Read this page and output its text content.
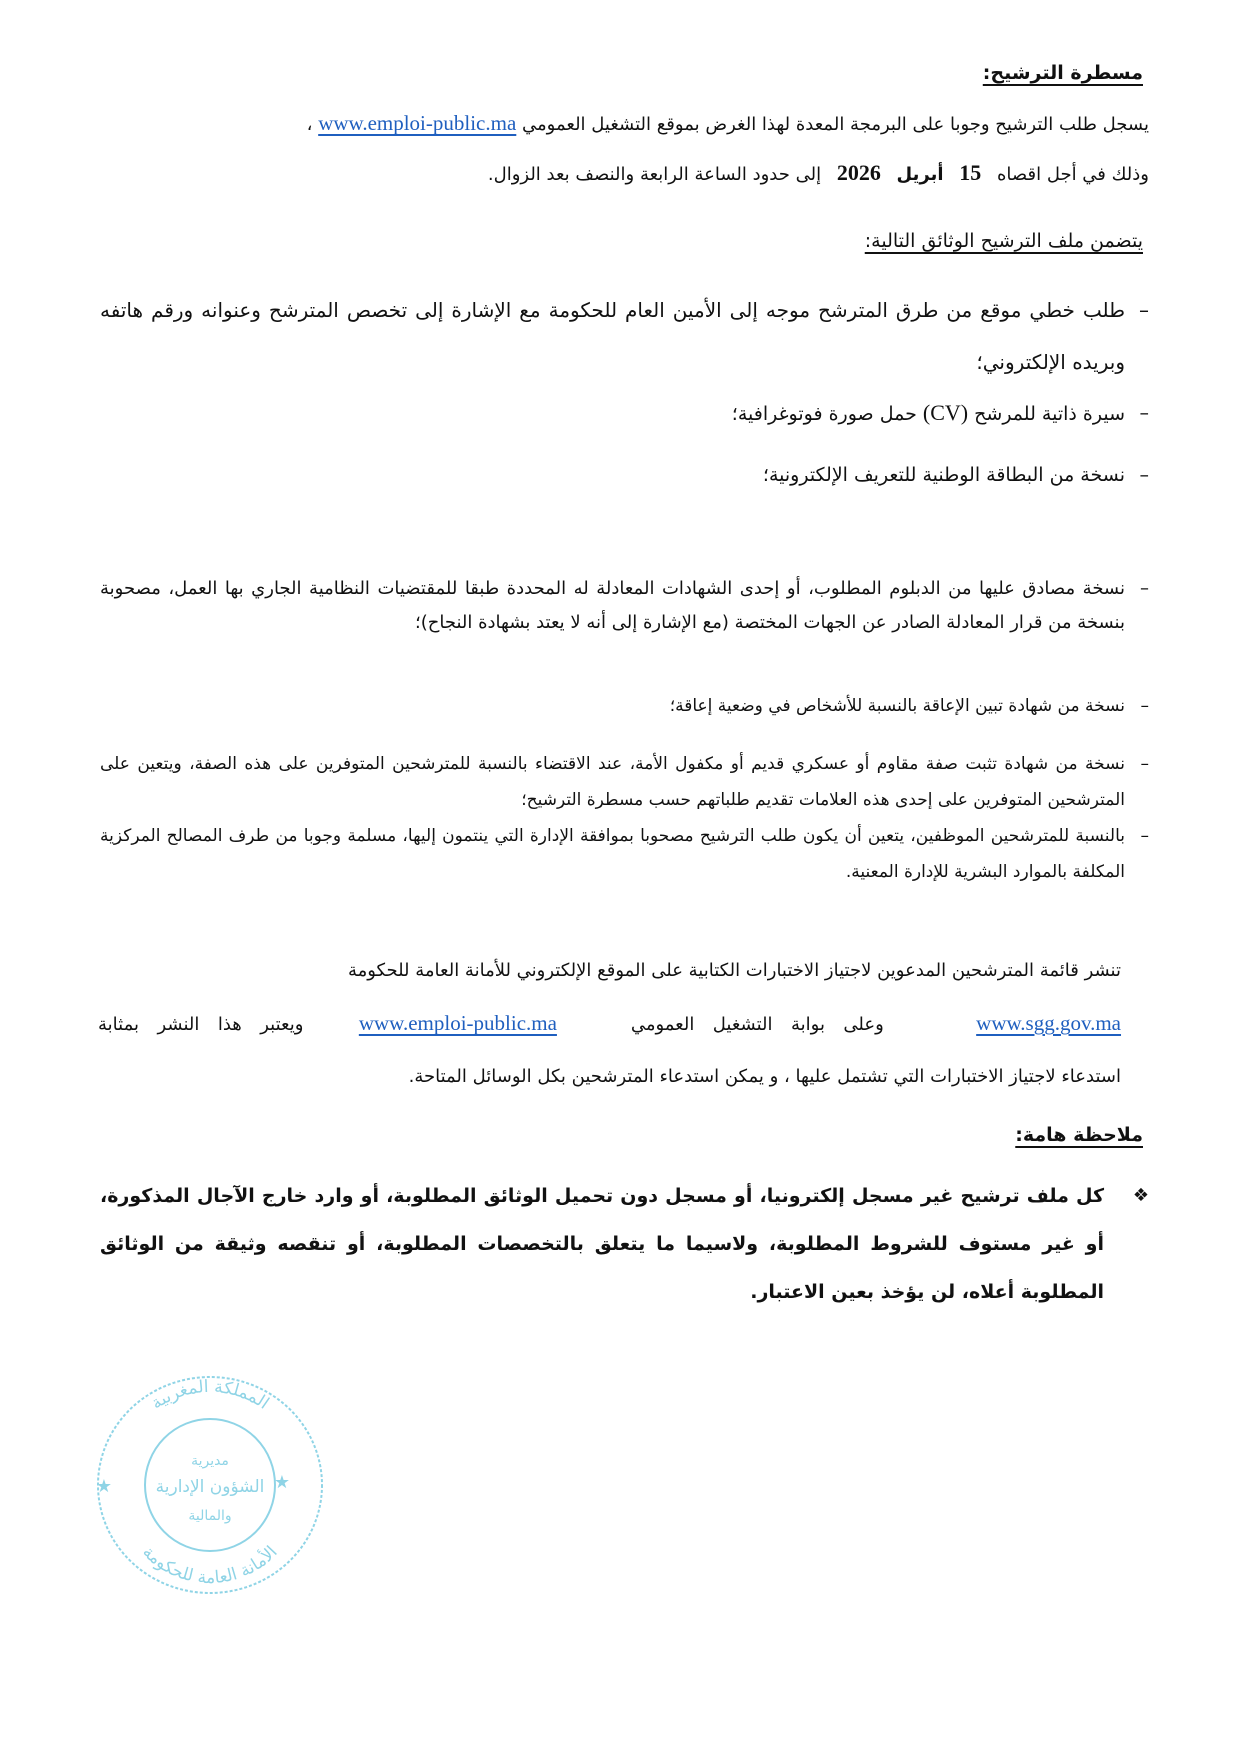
مسطرة الترشيح:
يسجل طلب الترشيح وجوبا على البرمجة المعدة لهذا الغرض بموقع التشغيل العمومي www.emploi-public.ma ،
وذلك في أجل اقصاه 15 أبريل 2026 إلى حدود الساعة الرابعة والنصف بعد الزوال.
يتضمن ملف الترشيح الوثائق التالية:
–
طلب خطي موقع من طرق المترشح موجه إلى الأمين العام للحكومة مع الإشارة إلى تخصص المترشح وعنوانه ورقم هاتفه وبريده الإلكتروني؛
–
سيرة ذاتية للمرشح (CV) حمل صورة فوتوغرافية؛
–
نسخة من البطاقة الوطنية للتعريف الإلكترونية؛
–
نسخة مصادق عليها من الدبلوم المطلوب، أو إحدى الشهادات المعادلة له المحددة طبقا للمقتضيات النظامية الجاري بها العمل، مصحوبة بنسخة من قرار المعادلة الصادر عن الجهات المختصة (مع الإشارة إلى أنه لا يعتد بشهادة النجاح)؛
–
نسخة من شهادة تبين الإعاقة بالنسبة للأشخاص في وضعية إعاقة؛
–
نسخة من شهادة تثبت صفة مقاوم أو عسكري قديم أو مكفول الأمة، عند الاقتضاء بالنسبة للمترشحين المتوفرين على هذه الصفة، ويتعين على المترشحين المتوفرين على إحدى هذه العلامات تقديم طلباتهم حسب مسطرة الترشيح؛
–
بالنسبة للمترشحين الموظفين، يتعين أن يكون طلب الترشيح مصحوبا بموافقة الإدارة التي ينتمون إليها، مسلمة وجوبا من طرف المصالح المركزية المكلفة بالموارد البشرية للإدارة المعنية.
تنشر قائمة المترشحين المدعوين لاجتياز الاختبارات الكتابية على الموقع الإلكتروني للأمانة العامة للحكومة
www.sgg.gov.ma     وعلى بوابة التشغيل العمومي    www.emploi-public.ma   ويعتبر هذا النشر بمثابة
استدعاء لاجتياز الاختبارات التي تشتمل عليها ، و يمكن استدعاء المترشحين بكل الوسائل المتاحة.
ملاحظة هامة:
❖
كل ملف ترشيح غير مسجل إلكترونيا، أو مسجل دون تحميل الوثائق المطلوبة، أو وارد خارج الآجال المذكورة، أو غير مستوف للشروط المطلوبة، ولاسيما ما يتعلق بالتخصصات المطلوبة، أو تنقصه وثيقة من الوثائق المطلوبة أعلاه، لن يؤخذ بعين الاعتبار.
مديرية
الشؤون الإدارية
والمالية
★	★
المملكة المغربية
الأمانة العامة للحكومة
